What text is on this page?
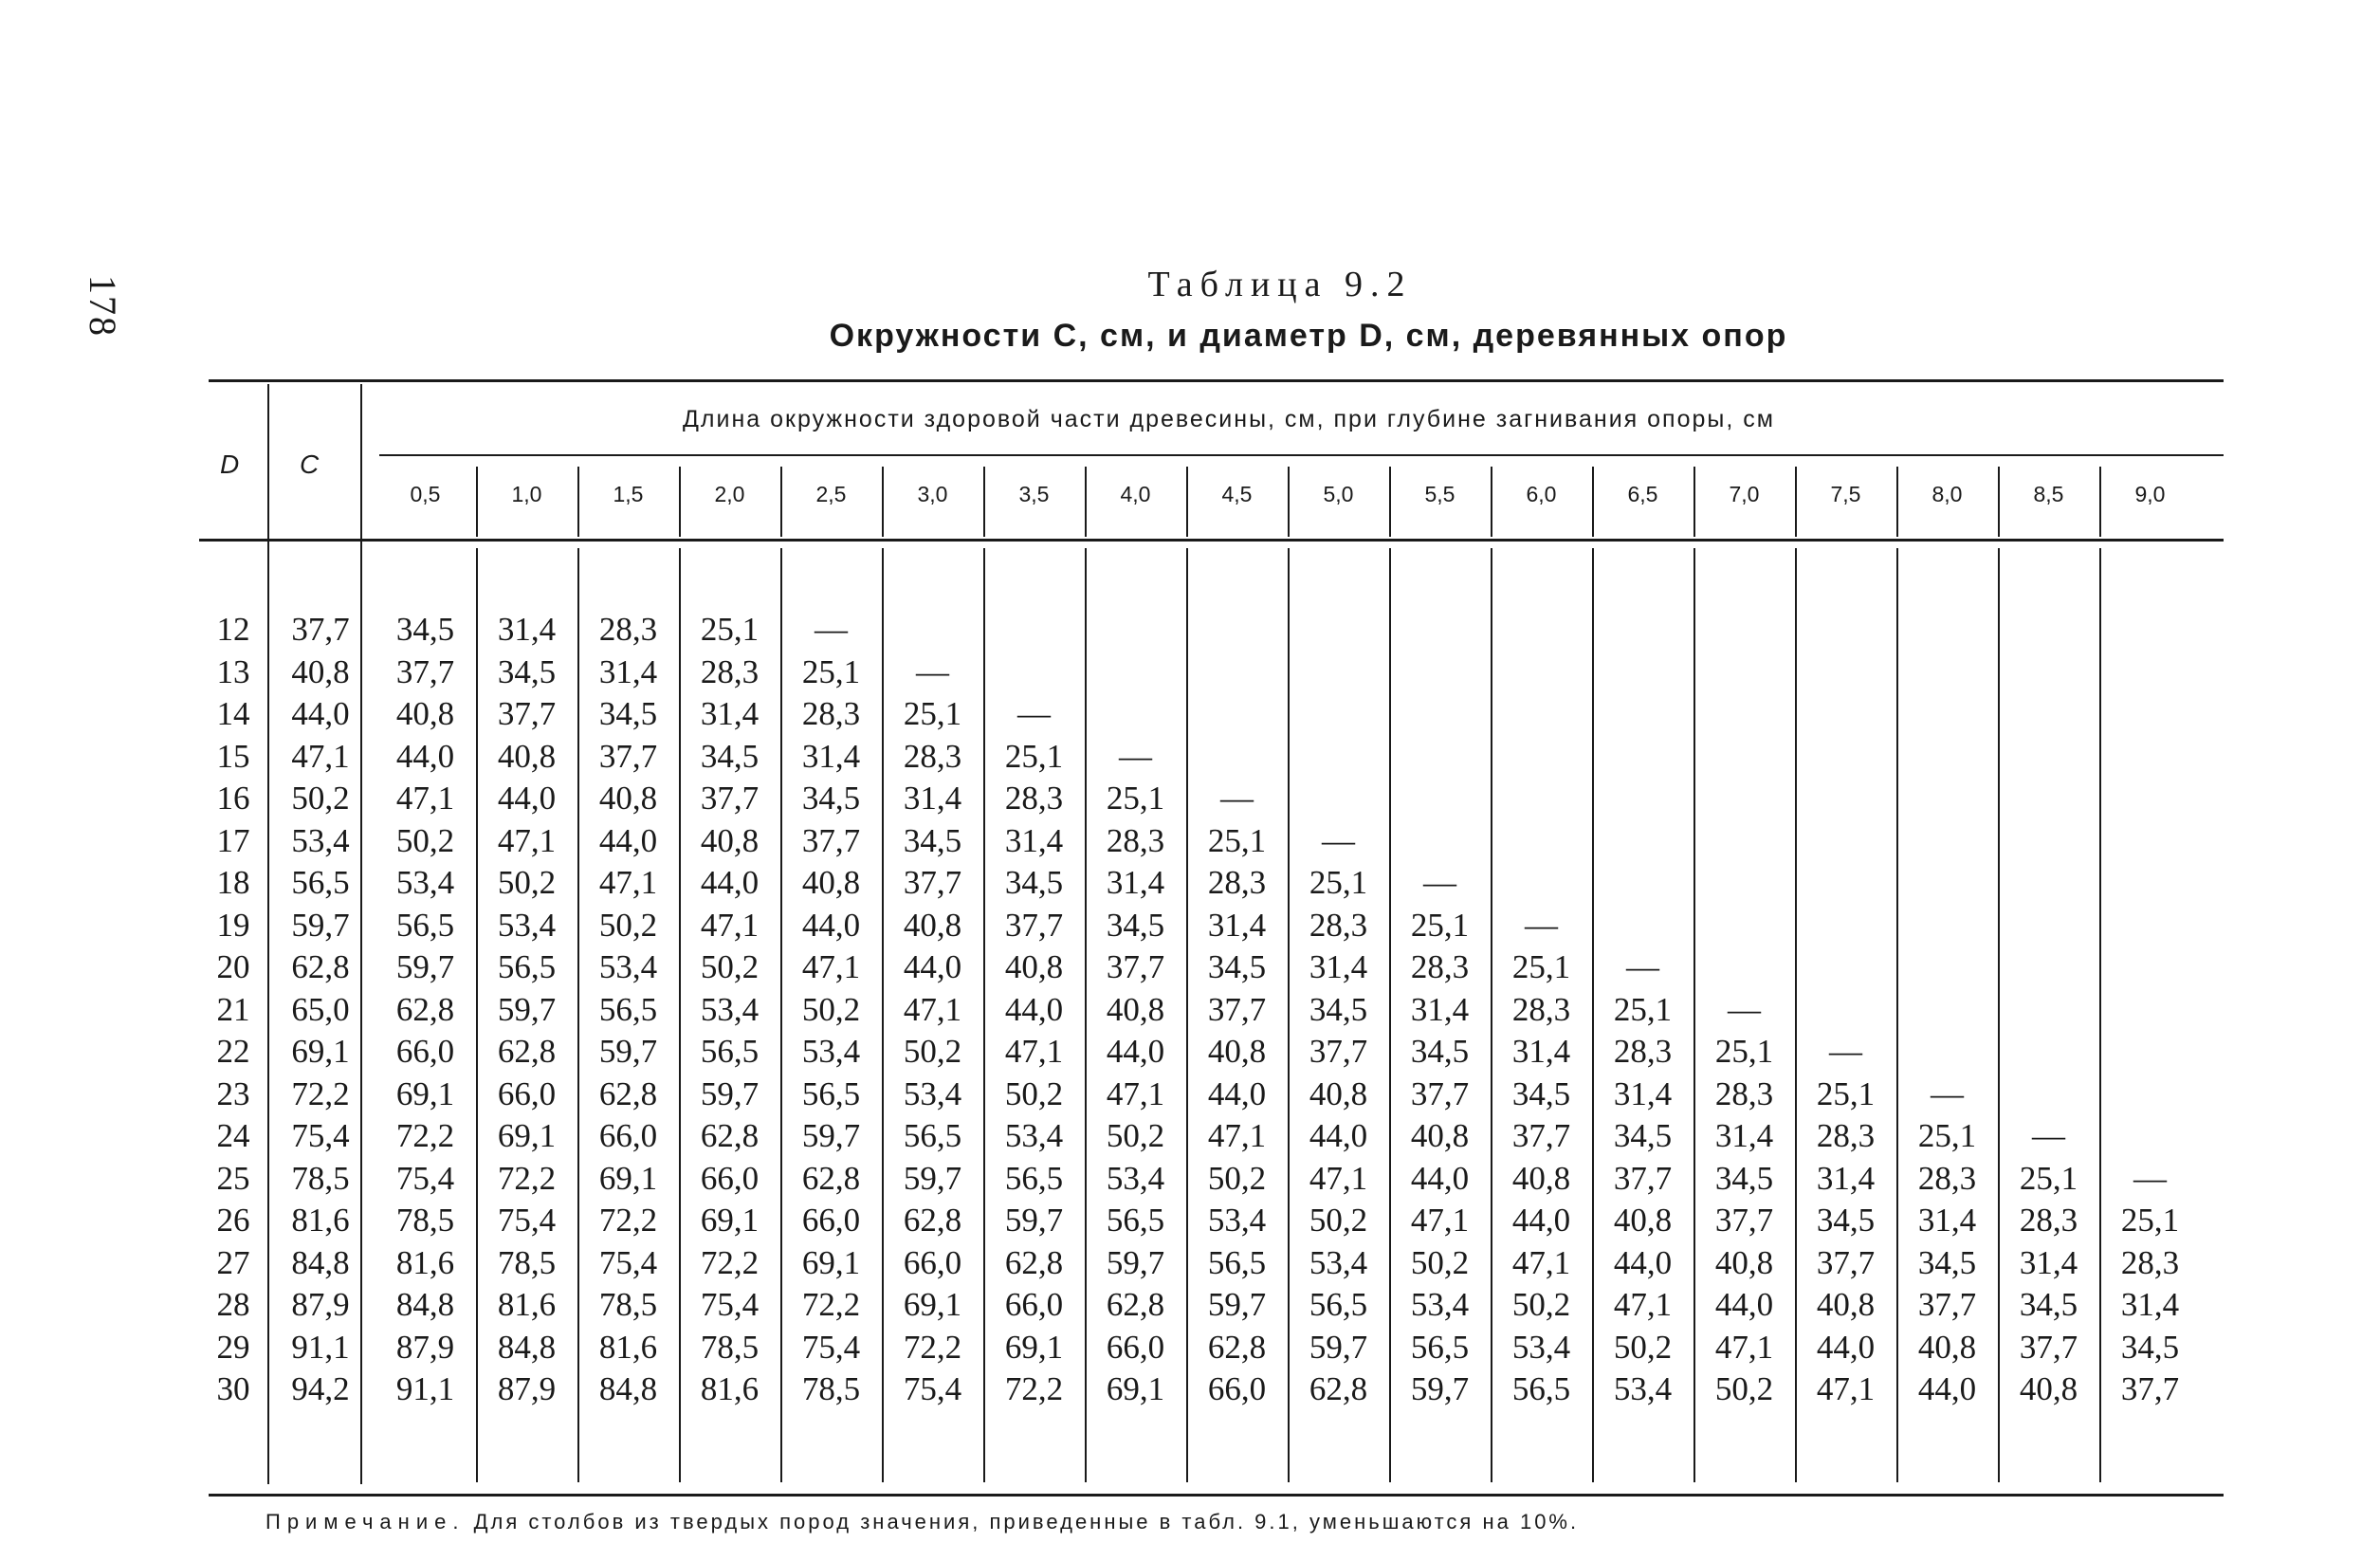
178	Таблица 9.2
Окружности С, см, и диаметр D, см, деревянных опор
D C
Длина окружности здоровой части древесины, см, при глубине загнивания опоры, см
0,5	1,0	1,5	2,0	2,5	3,0	3,5	4,0	4,5	5,0	5,5	6,0	6,5	7,0	7,5	8,0	8,5	9,0
12	37,7	34,5	31,4	28,3	25,1	—
13	40,8	37,7	34,5	31,4	28,3	25,1	—
14	44,0	40,8	37,7	34,5	31,4	28,3	25,1	—
15	47,1	44,0	40,8	37,7	34,5	31,4	28,3	25,1	—
16	50,2	47,1	44,0	40,8	37,7	34,5	31,4	28,3	25,1	—
17	53,4	50,2	47,1	44,0	40,8	37,7	34,5	31,4	28,3	25,1	—
18	56,5	53,4	50,2	47,1	44,0	40,8	37,7	34,5	31,4	28,3	25,1	—
19	59,7	56,5	53,4	50,2	47,1	44,0	40,8	37,7	34,5	31,4	28,3	25,1	—
20	62,8	59,7	56,5	53,4	50,2	47,1	44,0	40,8	37,7	34,5	31,4	28,3	25,1	—
21	65,0	62,8	59,7	56,5	53,4	50,2	47,1	44,0	40,8	37,7	34,5	31,4	28,3	25,1	—
22	69,1	66,0	62,8	59,7	56,5	53,4	50,2	47,1	44,0	40,8	37,7	34,5	31,4	28,3	25,1	—
23	72,2	69,1	66,0	62,8	59,7	56,5	53,4	50,2	47,1	44,0	40,8	37,7	34,5	31,4	28,3	25,1	—
24	75,4	72,2	69,1	66,0	62,8	59,7	56,5	53,4	50,2	47,1	44,0	40,8	37,7	34,5	31,4	28,3	25,1	—
25	78,5	75,4	72,2	69,1	66,0	62,8	59,7	56,5	53,4	50,2	47,1	44,0	40,8	37,7	34,5	31,4	28,3	25,1	—
26	81,6	78,5	75,4	72,2	69,1	66,0	62,8	59,7	56,5	53,4	50,2	47,1	44,0	40,8	37,7	34,5	31,4	28,3	25,1
27	84,8	81,6	78,5	75,4	72,2	69,1	66,0	62,8	59,7	56,5	53,4	50,2	47,1	44,0	40,8	37,7	34,5	31,4	28,3
28	87,9	84,8	81,6	78,5	75,4	72,2	69,1	66,0	62,8	59,7	56,5	53,4	50,2	47,1	44,0	40,8	37,7	34,5	31,4
29	91,1	87,9	84,8	81,6	78,5	75,4	72,2	69,1	66,0	62,8	59,7	56,5	53,4	50,2	47,1	44,0	40,8	37,7	34,5
30	94,2	91,1	87,9	84,8	81,6	78,5	75,4	72,2	69,1	66,0	62,8	59,7	56,5	53,4	50,2	47,1	44,0	40,8	37,7
Примечание. Для столбов из твердых пород значения, приведенные в табл. 9.1, уменьшаются на 10%.
